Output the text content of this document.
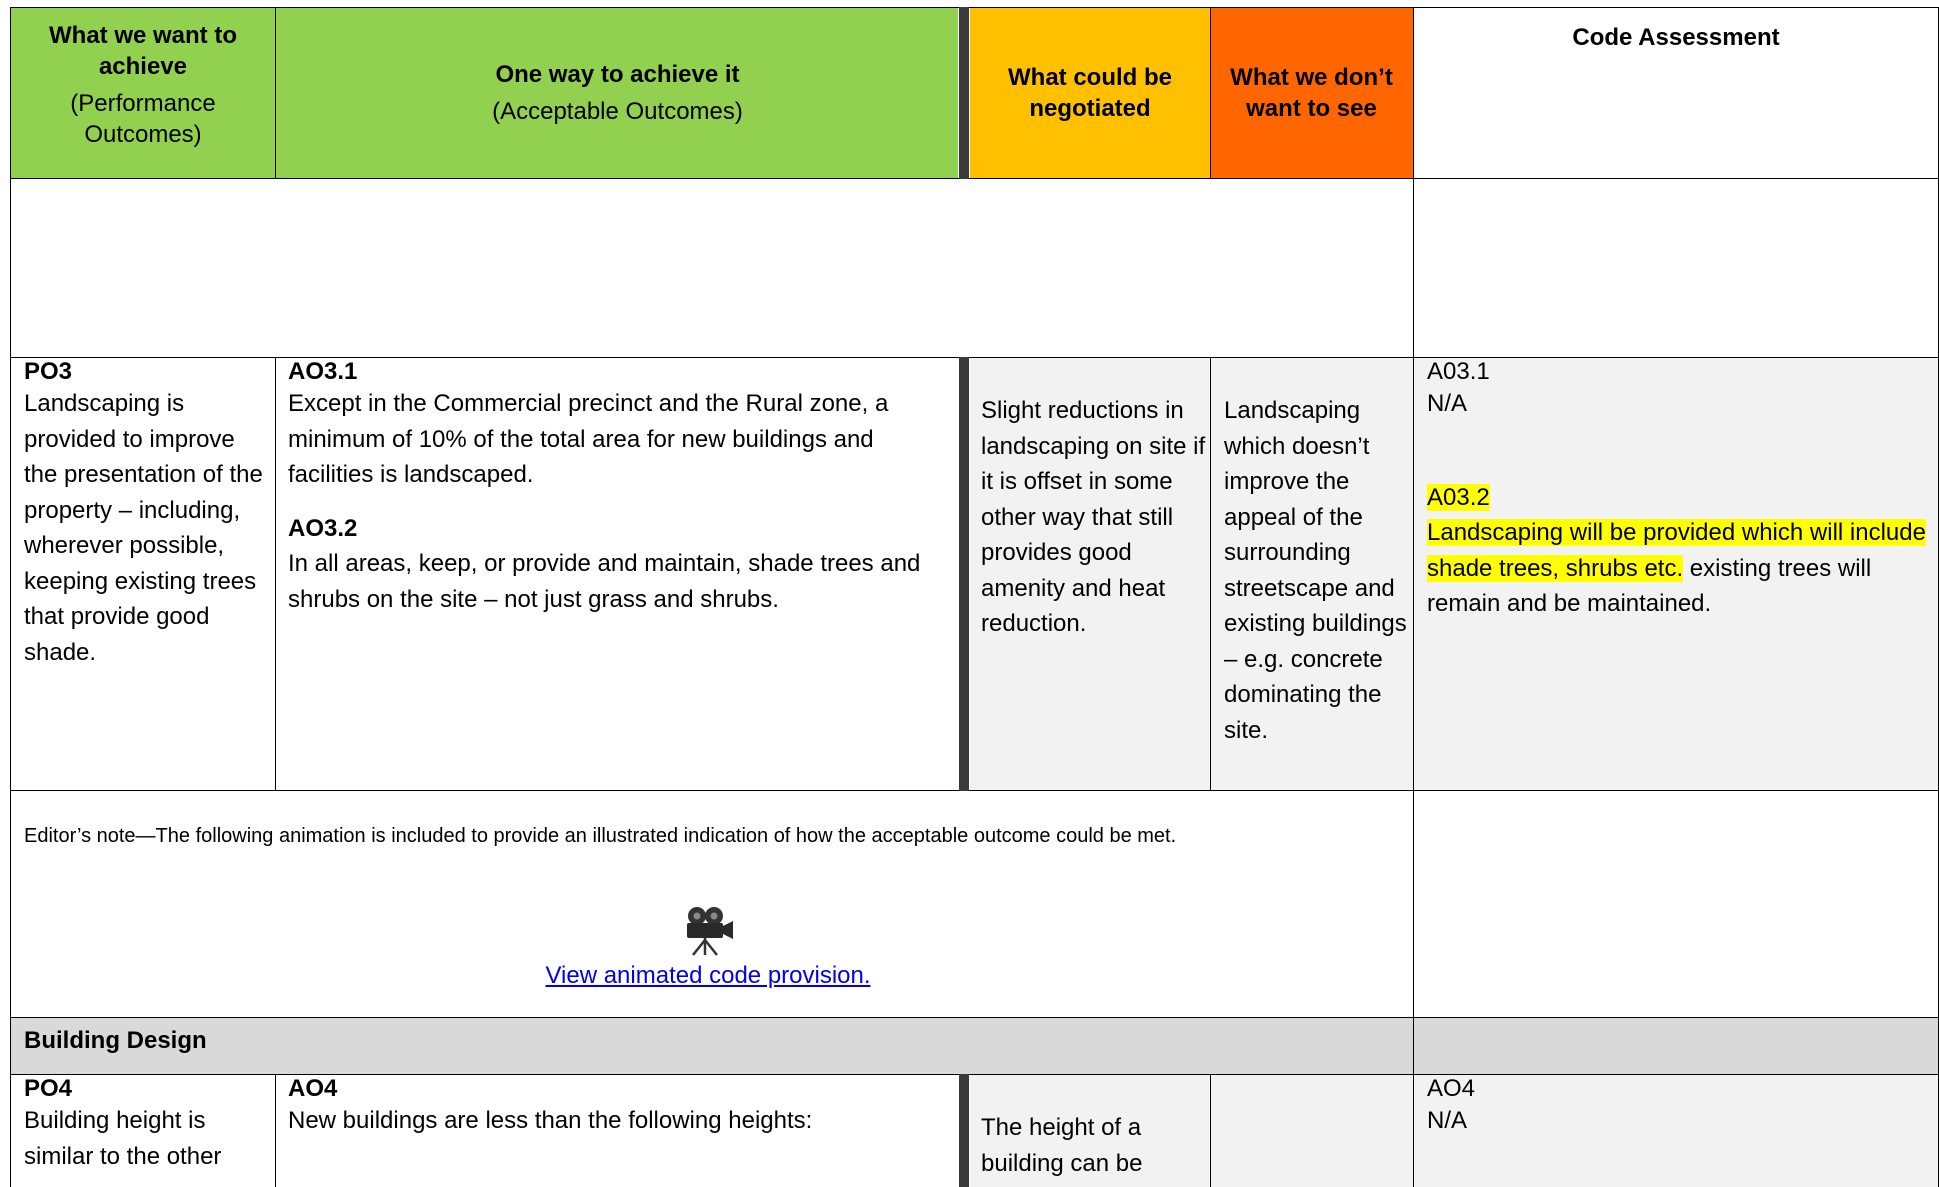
What we want to achieve
(Performance Outcomes)
One way to achieve it
(Acceptable Outcomes)
What could be negotiated
What we don’t want to see
Code Assessment
PO3
Landscaping is provided to improve the presentation of the property – including, wherever possible, keeping existing trees that provide good shade.
AO3.1
Except in the Commercial precinct and the Rural zone, a minimum of 10% of the total area for new buildings and facilities is landscaped.
AO3.2
In all areas, keep, or provide and maintain, shade trees and shrubs on the site – not just grass and shrubs.
Slight reductions in landscaping on site if it is offset in some other way that still provides good amenity and heat reduction.
Landscaping which doesn’t improve the appeal of the surrounding streetscape and existing buildings – e.g. concrete dominating the site.
A03.1
N/A
A03.2
Landscaping will be provided which will include shade trees, shrubs etc. existing trees will remain and be maintained.
Editor’s note—The following animation is included to provide an illustrated indication of how the acceptable outcome could be met.
View animated code provision.
Building Design
PO4
Building height is similar to the other
AO4
New buildings are less than the following heights:	The height of a building can be
AO4
N/A
